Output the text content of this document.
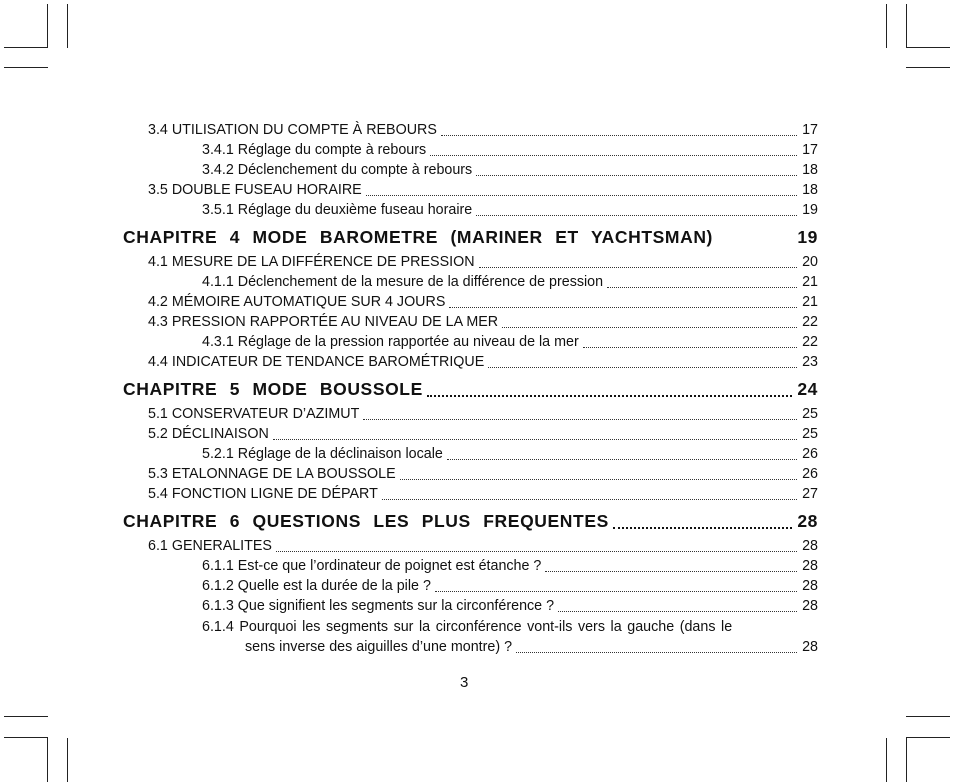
3.4 UTILISATION DU COMPTE À REBOURS	17
3.4.1 Réglage du compte à rebours	17
3.4.2 Déclenchement du compte à rebours	18
3.5 DOUBLE FUSEAU HORAIRE	18
3.5.1 Réglage du deuxième fuseau horaire	19
CHAPITRE 4 MODE BAROMETRE (MARINER ET YACHTSMAN)	19
4.1 MESURE DE LA DIFFÉRENCE DE PRESSION	20
4.1.1 Déclenchement de la mesure de la différence de pression	21
4.2 MÉMOIRE AUTOMATIQUE SUR 4 JOURS	21
4.3 PRESSION RAPPORTÉE AU NIVEAU DE LA MER	22
4.3.1 Réglage de la pression rapportée au niveau de la mer	22
4.4 INDICATEUR DE TENDANCE BAROMÉTRIQUE	23
CHAPITRE 5 MODE BOUSSOLE	24
5.1 CONSERVATEUR D’AZIMUT	25
5.2 DÉCLINAISON	25
5.2.1 Réglage de la déclinaison locale	26
5.3 ETALONNAGE DE LA BOUSSOLE	26
5.4 FONCTION LIGNE DE DÉPART	27
CHAPITRE 6 QUESTIONS LES PLUS FREQUENTES	28
6.1 GENERALITES	28
6.1.1 Est-ce que l’ordinateur de poignet est étanche ?	28
6.1.2 Quelle est la durée de la pile ?	28
6.1.3 Que signifient les segments sur la circonférence ?	28
6.1.4 Pourquoi les segments sur la circonférence vont-ils vers la gauche (dans le
sens inverse des aiguilles d’une montre) ?	28
3
